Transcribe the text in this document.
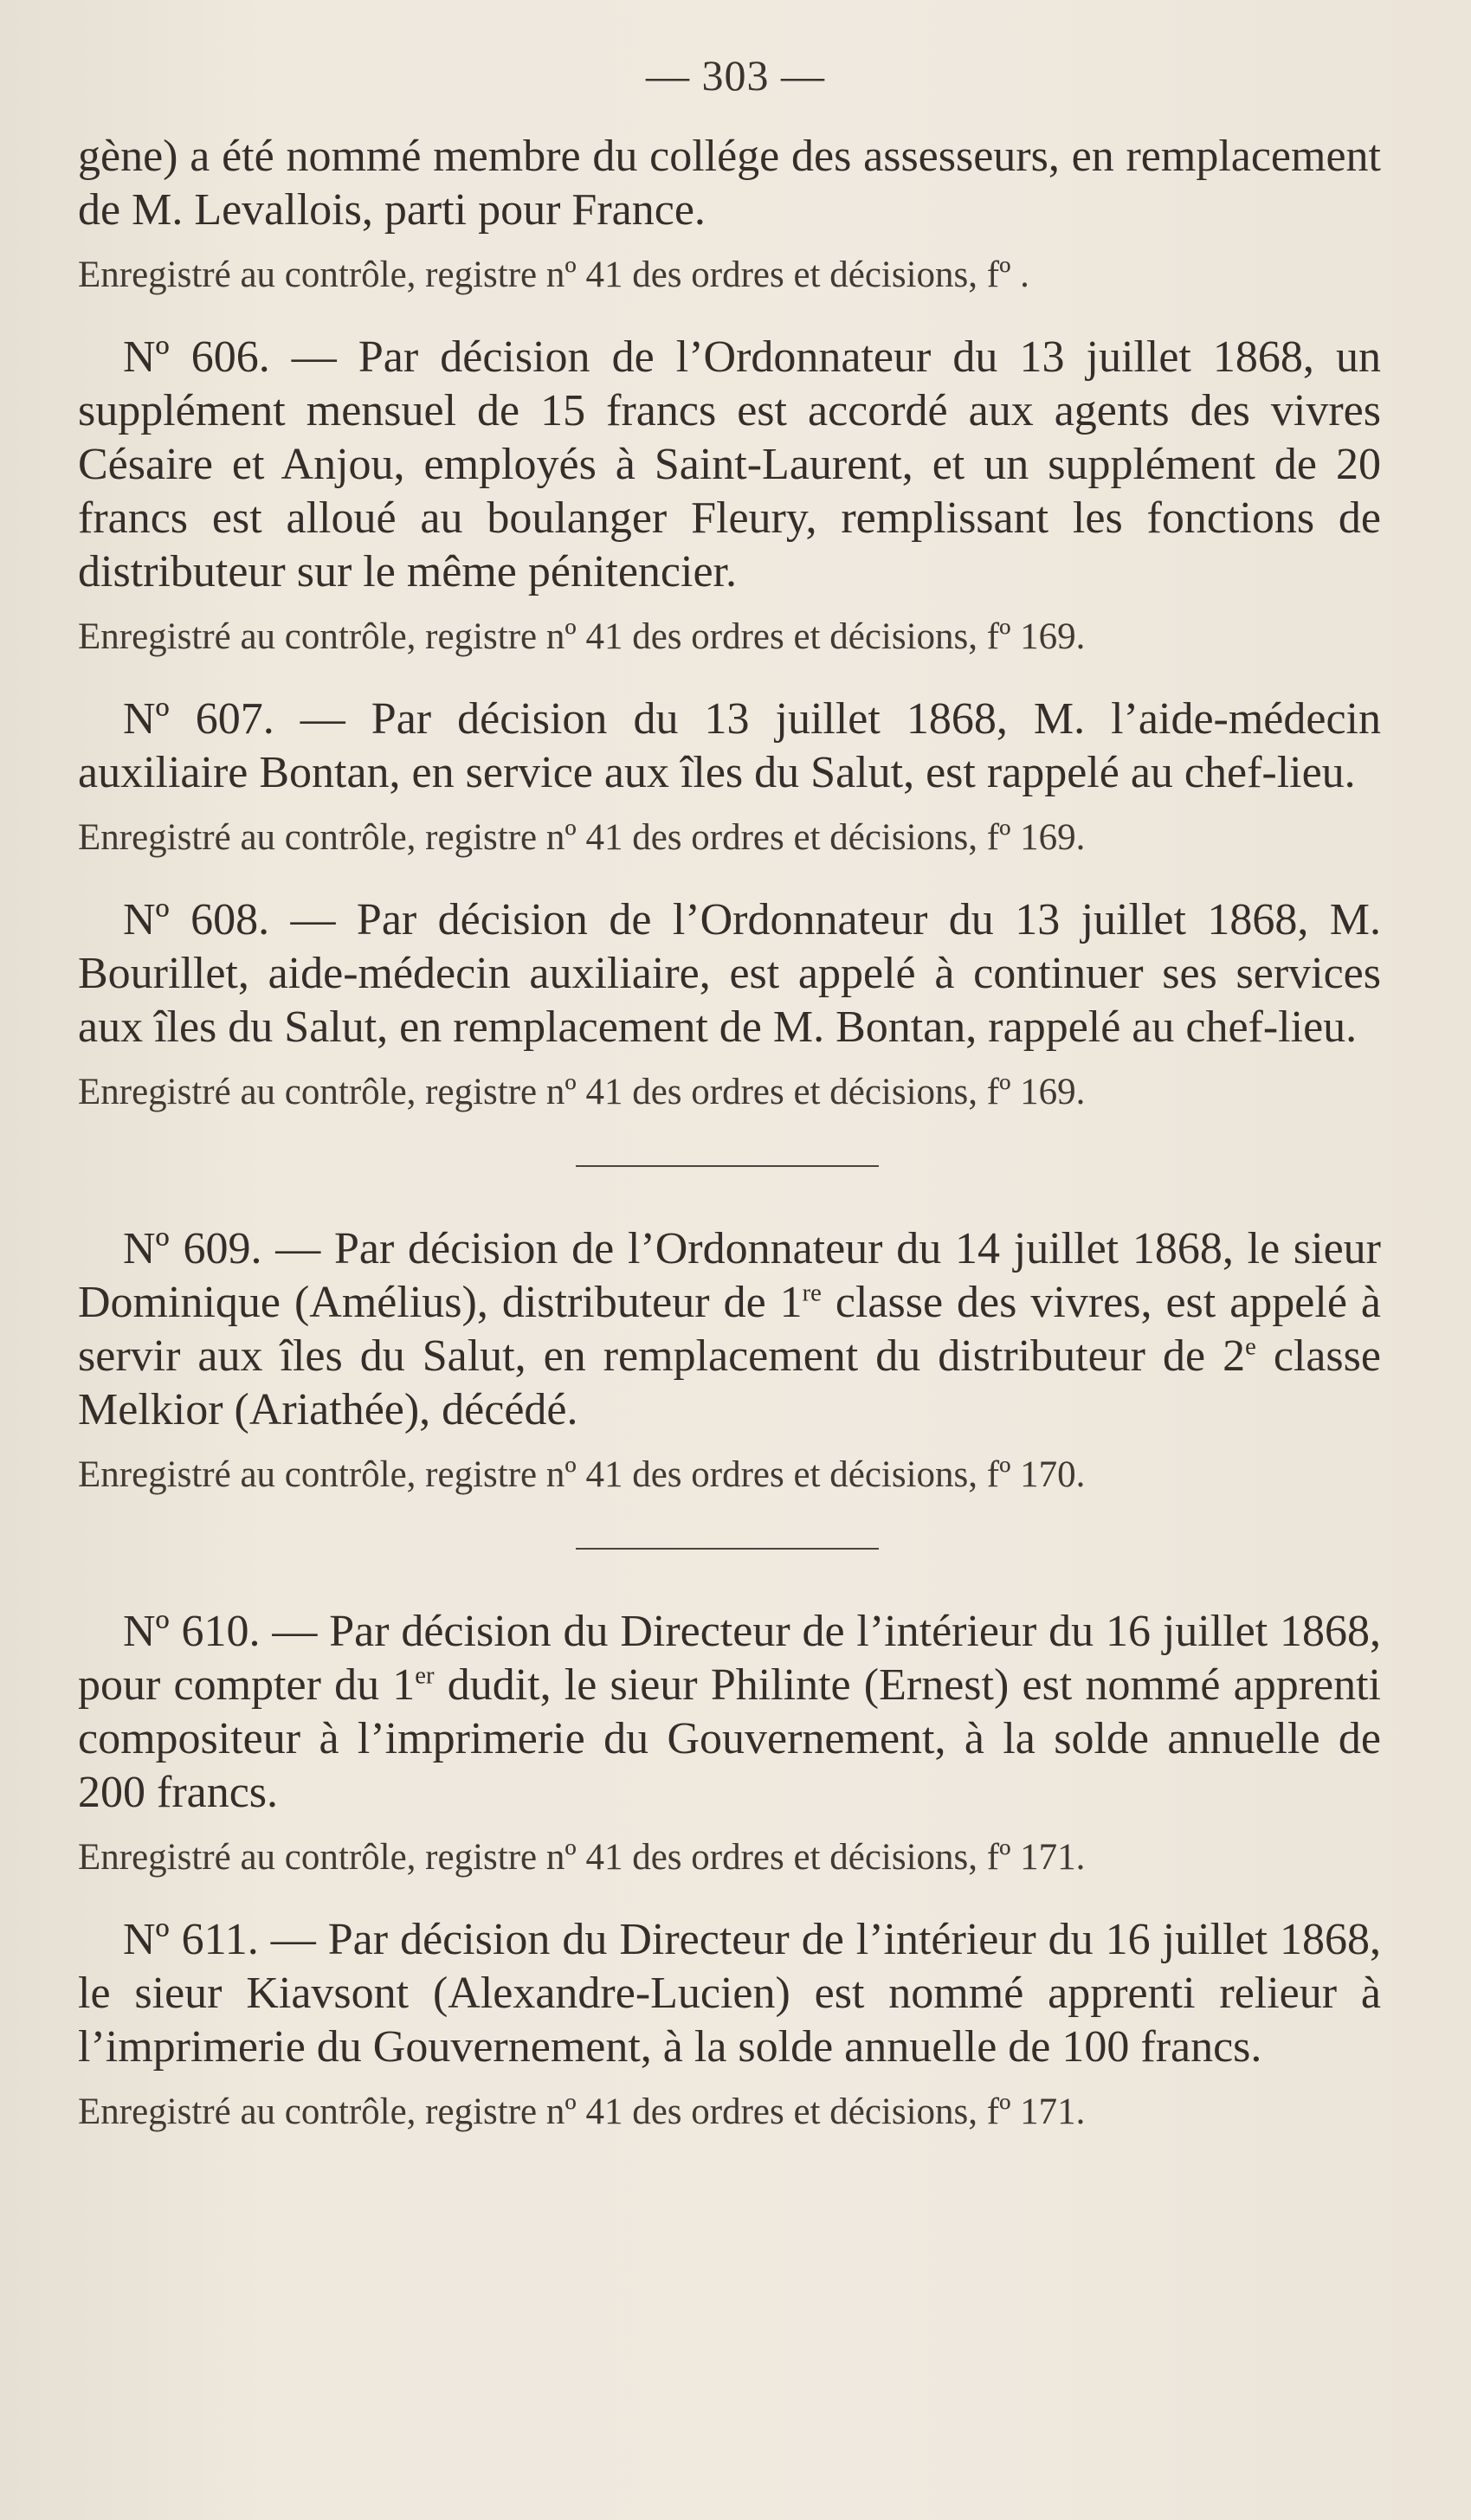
— 303 —

gène) a été nommé membre du collége des assesseurs, en remplacement de M. Levallois, parti pour France.

Enregistré au contrôle, registre nº 41 des ordres et décisions, fº .

Nº 606. — Par décision de l’Ordonnateur du 13 juillet 1868, un supplément mensuel de 15 francs est accordé aux agents des vivres Césaire et Anjou, employés à Saint-Laurent, et un supplément de 20 francs est alloué au boulanger Fleury, remplissant les fonctions de distributeur sur le même pénitencier.

Enregistré au contrôle, registre nº 41 des ordres et décisions, fº 169.

Nº 607. — Par décision du 13 juillet 1868, M. l’aide-médecin auxiliaire Bontan, en service aux îles du Salut, est rappelé au chef-lieu.

Enregistré au contrôle, registre nº 41 des ordres et décisions, fº 169.

Nº 608. — Par décision de l’Ordonnateur du 13 juillet 1868, M. Bourillet, aide-médecin auxiliaire, est appelé à continuer ses services aux îles du Salut, en remplacement de M. Bontan, rappelé au chef-lieu.

Enregistré au contrôle, registre nº 41 des ordres et décisions, fº 169.

Nº 609. — Par décision de l’Ordonnateur du 14 juillet 1868, le sieur Dominique (Amélius), distributeur de 1re classe des vivres, est appelé à servir aux îles du Salut, en remplacement du distributeur de 2e classe Melkior (Ariathée), décédé.

Enregistré au contrôle, registre nº 41 des ordres et décisions, fº 170.

Nº 610. — Par décision du Directeur de l’intérieur du 16 juillet 1868, pour compter du 1er dudit, le sieur Philinte (Ernest) est nommé apprenti compositeur à l’imprimerie du Gouvernement, à la solde annuelle de 200 francs.

Enregistré au contrôle, registre nº 41 des ordres et décisions, fº 171.

Nº 611. — Par décision du Directeur de l’intérieur du 16 juillet 1868, le sieur Kiavsont (Alexandre-Lucien) est nommé apprenti relieur à l’imprimerie du Gouvernement, à la solde annuelle de 100 francs.

Enregistré au contrôle, registre nº 41 des ordres et décisions, fº 171.
